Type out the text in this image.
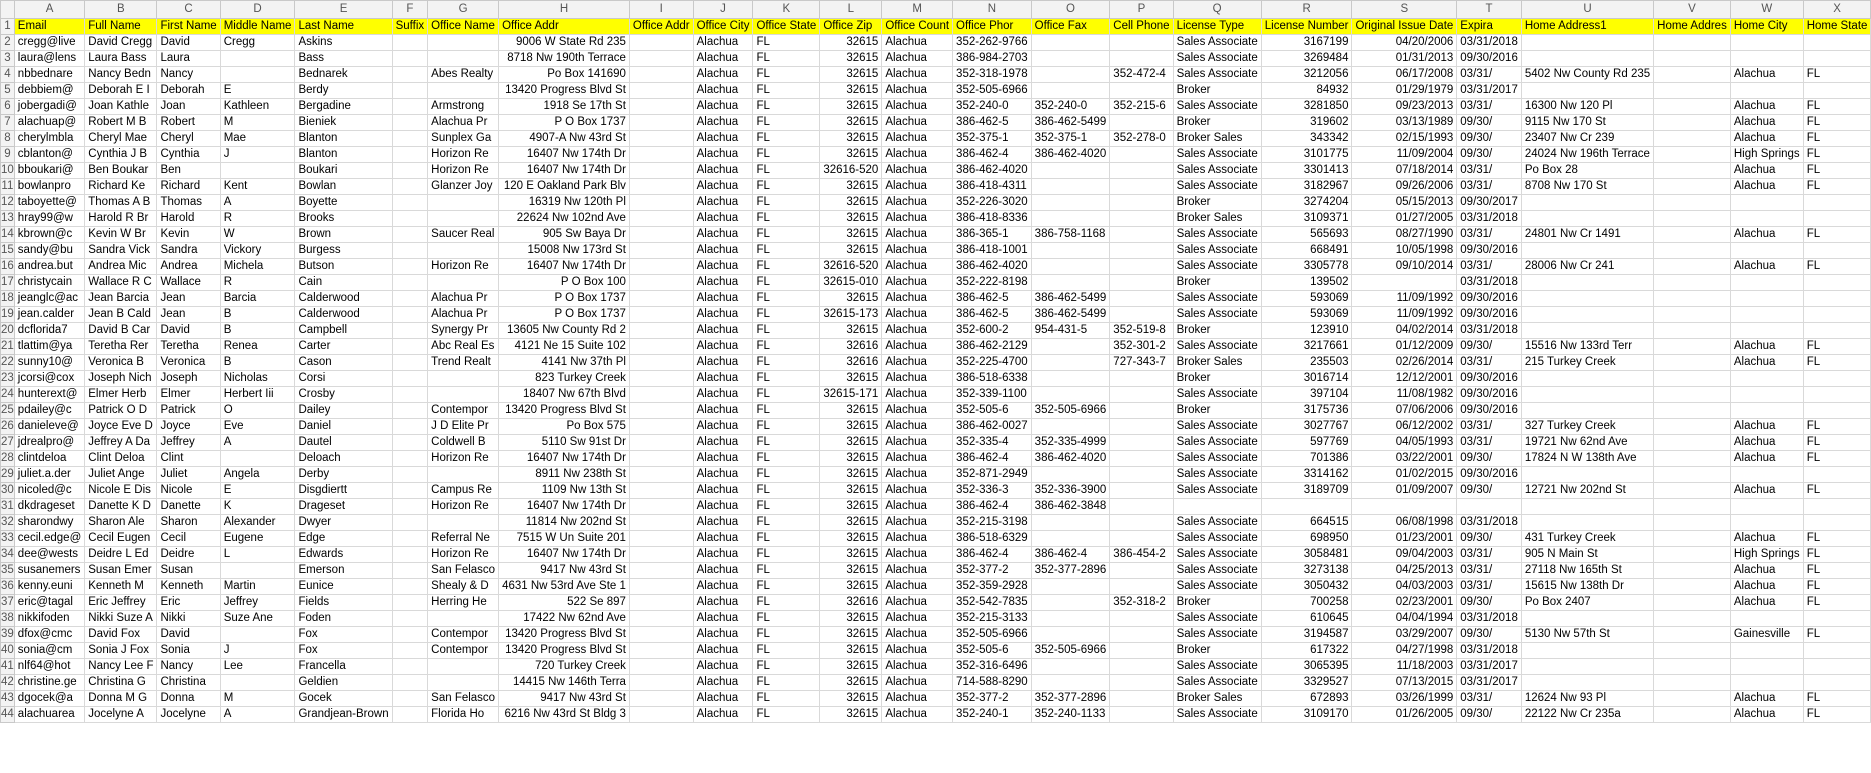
	A	B	C	D	E	F	G	H	I	J	K	L	M	N	O	P	Q	R	S	T	U	V	W	X
1	Email	Full Name	First Name	Middle Name	Last Name	Suffix	Office Name	Office Addr	Office Addr	Office City	Office State	Office Zip	Office Count	Office Phor	Office Fax	Cell Phone	License Type	License Number	Original Issue Date	Expira	Home Address1	Home Addres	Home City	Home State
2	cregg@live	David Cregg	David	Cregg	Askins			9006 W State Rd 235		Alachua	FL	32615	Alachua	352-262-9766			Sales Associate	3167199	04/20/2006	03/31/2018				
3	laura@lens	Laura Bass	Laura		Bass			8718 Nw 190th Terrace		Alachua	FL	32615	Alachua	386-984-2703			Sales Associate	3269484	01/31/2013	09/30/2016				
4	nbbednare	Nancy Bedn	Nancy		Bednarek		Abes Realty	Po Box 141690		Alachua	FL	32615	Alachua	352-318-1978		352-472-4	Sales Associate	3212056	06/17/2008	03/31/	5402 Nw County Rd 235		Alachua	FL
5	debbiem@	Deborah E I	Deborah	E	Berdy			13420 Progress Blvd St		Alachua	FL	32615	Alachua	352-505-6966			Broker	84932	01/29/1979	03/31/2017				
6	jobergadi@	Joan Kathle	Joan	Kathleen	Bergadine		Armstrong	1918 Se 17th St		Alachua	FL	32615	Alachua	352-240-0	352-240-0	352-215-6	Sales Associate	3281850	09/23/2013	03/31/	16300 Nw 120 Pl		Alachua	FL
7	alachuap@	Robert M B	Robert	M	Bieniek		Alachua Pr	P O Box 1737		Alachua	FL	32615	Alachua	386-462-5	386-462-5499		Broker	319602	03/13/1989	09/30/	9115 Nw 170 St		Alachua	FL
8	cherylmbla	Cheryl Mae	Cheryl	Mae	Blanton		Sunplex Ga	4907-A Nw 43rd St		Alachua	FL	32615	Alachua	352-375-1	352-375-1	352-278-0	Broker Sales	343342	02/15/1993	09/30/	23407 Nw Cr 239		Alachua	FL
9	cblanton@	Cynthia J B	Cynthia	J	Blanton		Horizon Re	16407 Nw 174th Dr		Alachua	FL	32615	Alachua	386-462-4	386-462-4020		Sales Associate	3101775	11/09/2004	09/30/	24024 Nw 196th Terrace		High Springs	FL
10	bboukari@	Ben Boukar	Ben		Boukari		Horizon Re	16407 Nw 174th Dr		Alachua	FL	32616-520	Alachua	386-462-4020			Sales Associate	3301413	07/18/2014	03/31/	Po Box 28		Alachua	FL
11	bowlanpro	Richard Ke	Richard	Kent	Bowlan		Glanzer Joy	120 E Oakland Park Blv		Alachua	FL	32615	Alachua	386-418-4311			Sales Associate	3182967	09/26/2006	03/31/	8708 Nw 170 St		Alachua	FL
12	taboyette@	Thomas A B	Thomas	A	Boyette			16319 Nw 120th Pl		Alachua	FL	32615	Alachua	352-226-3020			Broker	3274204	05/15/2013	09/30/2017				
13	hray99@w	Harold R Br	Harold	R	Brooks			22624 Nw 102nd Ave		Alachua	FL	32615	Alachua	386-418-8336			Broker Sales	3109371	01/27/2005	03/31/2018				
14	kbrown@c	Kevin W Br	Kevin	W	Brown		Saucer Real	905 Sw Baya Dr		Alachua	FL	32615	Alachua	386-365-1	386-758-1168		Sales Associate	565693	08/27/1990	03/31/	24801 Nw Cr 1491		Alachua	FL
15	sandy@bu	Sandra Vick	Sandra	Vickory	Burgess			15008 Nw 173rd St		Alachua	FL	32615	Alachua	386-418-1001			Sales Associate	668491	10/05/1998	09/30/2016				
16	andrea.but	Andrea Mic	Andrea	Michela	Butson		Horizon Re	16407 Nw 174th Dr		Alachua	FL	32616-520	Alachua	386-462-4020			Sales Associate	3305778	09/10/2014	03/31/	28006 Nw Cr 241		Alachua	FL
17	christycain	Wallace R C	Wallace	R	Cain			P O Box 100		Alachua	FL	32615-010	Alachua	352-222-8198			Broker	139502		03/31/2018				
18	jeanglc@ac	Jean Barcia	Jean	Barcia	Calderwood		Alachua Pr	P O Box 1737		Alachua	FL	32615	Alachua	386-462-5	386-462-5499		Sales Associate	593069	11/09/1992	09/30/2016				
19	jean.calder	Jean B Cald	Jean	B	Calderwood		Alachua Pr	P O Box 1737		Alachua	FL	32615-173	Alachua	386-462-5	386-462-5499		Sales Associate	593069	11/09/1992	09/30/2016				
20	dcflorida7	David B Car	David	B	Campbell		Synergy Pr	13605 Nw County Rd 2		Alachua	FL	32615	Alachua	352-600-2	954-431-5	352-519-8	Broker	123910	04/02/2014	03/31/2018				
21	tlattim@ya	Teretha Rer	Teretha	Renea	Carter		Abc Real Es	4121 Ne 15 Suite 102		Alachua	FL	32616	Alachua	386-462-2129		352-301-2	Sales Associate	3217661	01/12/2009	09/30/	15516 Nw 133rd Terr		Alachua	FL
22	sunny10@	Veronica B	Veronica	B	Cason		Trend Realt	4141 Nw 37th Pl		Alachua	FL	32616	Alachua	352-225-4700		727-343-7	Broker Sales	235503	02/26/2014	03/31/	215 Turkey Creek		Alachua	FL
23	jcorsi@cox	Joseph Nich	Joseph	Nicholas	Corsi			823 Turkey Creek		Alachua	FL	32615	Alachua	386-518-6338			Broker	3016714	12/12/2001	09/30/2016				
24	hunterext@	Elmer Herb	Elmer	Herbert Iii	Crosby			18407 Nw 67th Blvd		Alachua	FL	32615-171	Alachua	352-339-1100			Sales Associate	397104	11/08/1982	09/30/2016				
25	pdailey@c	Patrick O D	Patrick	O	Dailey		Contempor	13420 Progress Blvd St		Alachua	FL	32615	Alachua	352-505-6	352-505-6966		Broker	3175736	07/06/2006	09/30/2016				
26	danieleve@	Joyce Eve D	Joyce	Eve	Daniel		J D Elite Pr	Po Box 575		Alachua	FL	32615	Alachua	386-462-0027			Sales Associate	3027767	06/12/2002	03/31/	327 Turkey Creek		Alachua	FL
27	jdrealpro@	Jeffrey A Da	Jeffrey	A	Dautel		Coldwell B	5110 Sw 91st Dr		Alachua	FL	32615	Alachua	352-335-4	352-335-4999		Sales Associate	597769	04/05/1993	03/31/	19721 Nw 62nd Ave		Alachua	FL
28	clintdeloa	Clint Deloa	Clint		Deloach		Horizon Re	16407 Nw 174th Dr		Alachua	FL	32615	Alachua	386-462-4	386-462-4020		Sales Associate	701386	03/22/2001	09/30/	17824 N W 138th Ave		Alachua	FL
29	juliet.a.der	Juliet Ange	Juliet	Angela	Derby			8911 Nw 238th St		Alachua	FL	32615	Alachua	352-871-2949			Sales Associate	3314162	01/02/2015	09/30/2016				
30	nicoled@c	Nicole E Dis	Nicole	E	Disgdiertt		Campus Re	1109 Nw 13th St		Alachua	FL	32615	Alachua	352-336-3	352-336-3900		Sales Associate	3189709	01/09/2007	09/30/	12721 Nw 202nd St		Alachua	FL
31	dkdrageset	Danette K D	Danette	K	Drageset		Horizon Re	16407 Nw 174th Dr		Alachua	FL	32615	Alachua	386-462-4	386-462-3848									
32	sharondwy	Sharon Ale	Sharon	Alexander	Dwyer			11814 Nw 202nd St		Alachua	FL	32615	Alachua	352-215-3198			Sales Associate	664515	06/08/1998	03/31/2018				
33	cecil.edge@	Cecil Eugen	Cecil	Eugene	Edge		Referral Ne	7515 W Un Suite 201		Alachua	FL	32615	Alachua	386-518-6329			Sales Associate	698950	01/23/2001	09/30/	431 Turkey Creek		Alachua	FL
34	dee@wests	Deidre L Ed	Deidre	L	Edwards		Horizon Re	16407 Nw 174th Dr		Alachua	FL	32615	Alachua	386-462-4	386-462-4	386-454-2	Sales Associate	3058481	09/04/2003	03/31/	905 N Main St		High Springs	FL
35	susanemers	Susan Emer	Susan		Emerson		San Felasco	9417 Nw 43rd St		Alachua	FL	32615	Alachua	352-377-2	352-377-2896		Sales Associate	3273138	04/25/2013	03/31/	27118 Nw 165th St		Alachua	FL
36	kenny.euni	Kenneth M	Kenneth	Martin	Eunice		Shealy & D	4631 Nw 53rd Ave Ste 1		Alachua	FL	32615	Alachua	352-359-2928			Sales Associate	3050432	04/03/2003	03/31/	15615 Nw 138th Dr		Alachua	FL
37	eric@tagal	Eric Jeffrey	Eric	Jeffrey	Fields		Herring He	522 Se 897		Alachua	FL	32616	Alachua	352-542-7835		352-318-2	Broker	700258	02/23/2001	09/30/	Po Box 2407		Alachua	FL
38	nikkifoden	Nikki Suze A	Nikki	Suze Ane	Foden			17422 Nw 62nd Ave		Alachua	FL	32615	Alachua	352-215-3133			Sales Associate	610645	04/04/1994	03/31/2018				
39	dfox@cmc	David Fox	David		Fox		Contempor	13420 Progress Blvd St		Alachua	FL	32615	Alachua	352-505-6966			Sales Associate	3194587	03/29/2007	09/30/	5130 Nw 57th St		Gainesville	FL
40	sonia@cm	Sonia J Fox	Sonia	J	Fox		Contempor	13420 Progress Blvd St		Alachua	FL	32615	Alachua	352-505-6	352-505-6966		Broker	617322	04/27/1998	03/31/2018				
41	nlf64@hot	Nancy Lee F	Nancy	Lee	Francella			720 Turkey Creek		Alachua	FL	32615	Alachua	352-316-6496			Sales Associate	3065395	11/18/2003	03/31/2017				
42	christine.ge	Christina G	Christina		Geldien			14415 Nw 146th Terra		Alachua	FL	32615	Alachua	714-588-8290			Sales Associate	3329527	07/13/2015	03/31/2017				
43	dgocek@a	Donna M G	Donna	M	Gocek		San Felasco	9417 Nw 43rd St		Alachua	FL	32615	Alachua	352-377-2	352-377-2896		Broker Sales	672893	03/26/1999	03/31/	12624 Nw 93 Pl		Alachua	FL
44	alachuarea	Jocelyne A	Jocelyne	A	Grandjean-Brown		Florida Ho	6216 Nw 43rd St Bldg 3		Alachua	FL	32615	Alachua	352-240-1	352-240-1133		Sales Associate	3109170	01/26/2005	09/30/	22122 Nw Cr 235a		Alachua	FL
